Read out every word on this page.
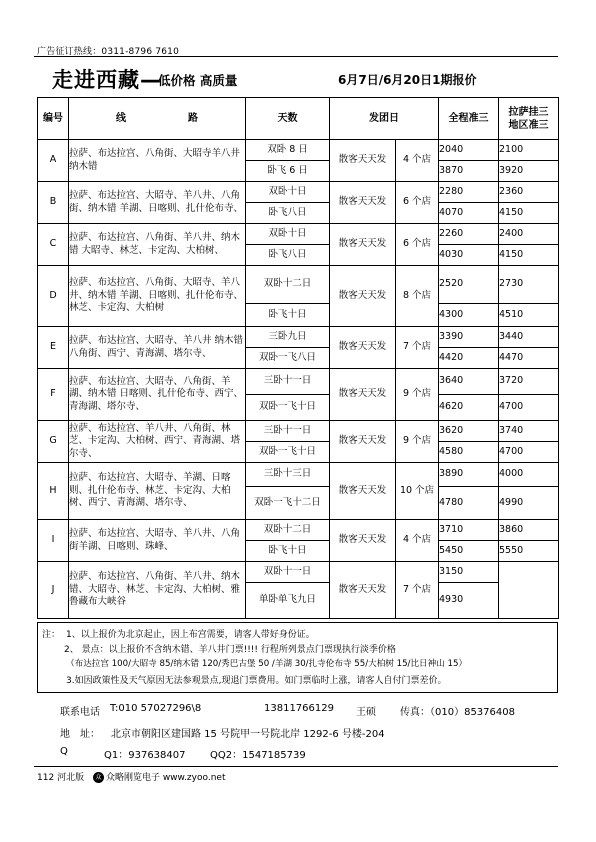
广告征订热线：0311-8796 7610
走进西藏—
低价格 高质量	6月7日/6月20日1期报价
编号	线　　路	天数	发团日		全程准三	拉萨挂三
地区准三
A	拉萨、布达拉宫、八角街、大昭寺羊八井 纳木错	双卧 8 日	散客天天发	4 个店	2040	2100
		卧飞 6 日			3870	3920
B	拉萨、布达拉宫、大昭寺、羊八井、八角街、纳木错 羊湖、日喀则、扎什伦布寺、	双卧十日	散客天天发	6 个店	2280	2360
		卧飞八日			4070	4150
C	拉萨、布达拉宫、八角街、羊八井、纳木错 大昭寺、林芝、卡定沟、大柏树、	双卧十日	散客天天发	6 个店	2260	2400
		卧飞八日			4030	4150
D	拉萨、布达拉宫、八角街、大昭寺、羊八井、纳木错 羊湖、日喀则、扎什伦布寺、林芝、卡定沟、大柏树	双卧十二日	散客天天发	8 个店	2520	2730
		卧飞十日			4300	4510
E	拉萨、布达拉宫、大昭寺、羊八井 纳木错 八角街、西宁、青海湖、塔尔寺、	三卧九日	散客天天发	7 个店	3390	3440
		双卧一飞八日			4420	4470
F	拉萨、布达拉宫、大昭寺、八角街、羊湖、纳木错 日喀则、扎什伦布寺、西宁、青海湖、塔尔寺、	三卧十一日	散客天天发	9 个店	3640	3720
		双卧一飞十日			4620	4700
G	拉萨、布达拉宫、羊八井、八角街、林芝、卡定沟、大柏树、西宁、青海湖、塔尔寺、	三卧十一日	散客天天发	9 个店	3620	3740
		双卧一飞十日			4580	4700
H	拉萨、布达拉宫、大昭寺、羊湖、日喀则、扎什伦布寺、林芝、卡定沟、大柏树、西宁、青海湖、塔尔寺、	三卧十三日	散客天天发	10 个店	3890	4000
		双卧一飞十二日			4780	4990
I	拉萨、布达拉宫、大昭寺、羊八井、八角街羊湖、日喀则、珠峰、	双卧十二日	散客天天发	4 个店	3710	3860
		卧飞十日			5450	5550
J	拉萨、布达拉宫、八角街、羊八井、纳木错、大昭寺、林芝、卡定沟、大柏树、雅鲁藏布大峡谷	双卧十一日	散客天天发	7 个店	3150	
		单卧单飞九日			4930	
注： 1、以上报价为北京起止，因上布宫需要，请客人带好身份证。
2、 景点：以上报价不含纳木错、羊八井门票!!!! 行程所列景点门票现执行淡季价格
（布达拉宫 100/大昭寺 85/纳木错 120/秀巴古堡 50 /羊湖 30/扎寺伦布寺 55/大柏树 15/比日神山 15）
3.如因政策性及天气原因无法参观景点,现退门票费用。如门票临时上涨，请客人自付门票差价。
联系电话 T:010 57027296\8	13811766129 王硕 传真：（010）85376408
地　址： 北京市朝阳区建国路 15 号院甲一号院北岸 1292-6 号楼-204
Q	Q1：937638407 QQ2：1547185739
112 河北版 众 众略刚览电子 www.zyoo.net
